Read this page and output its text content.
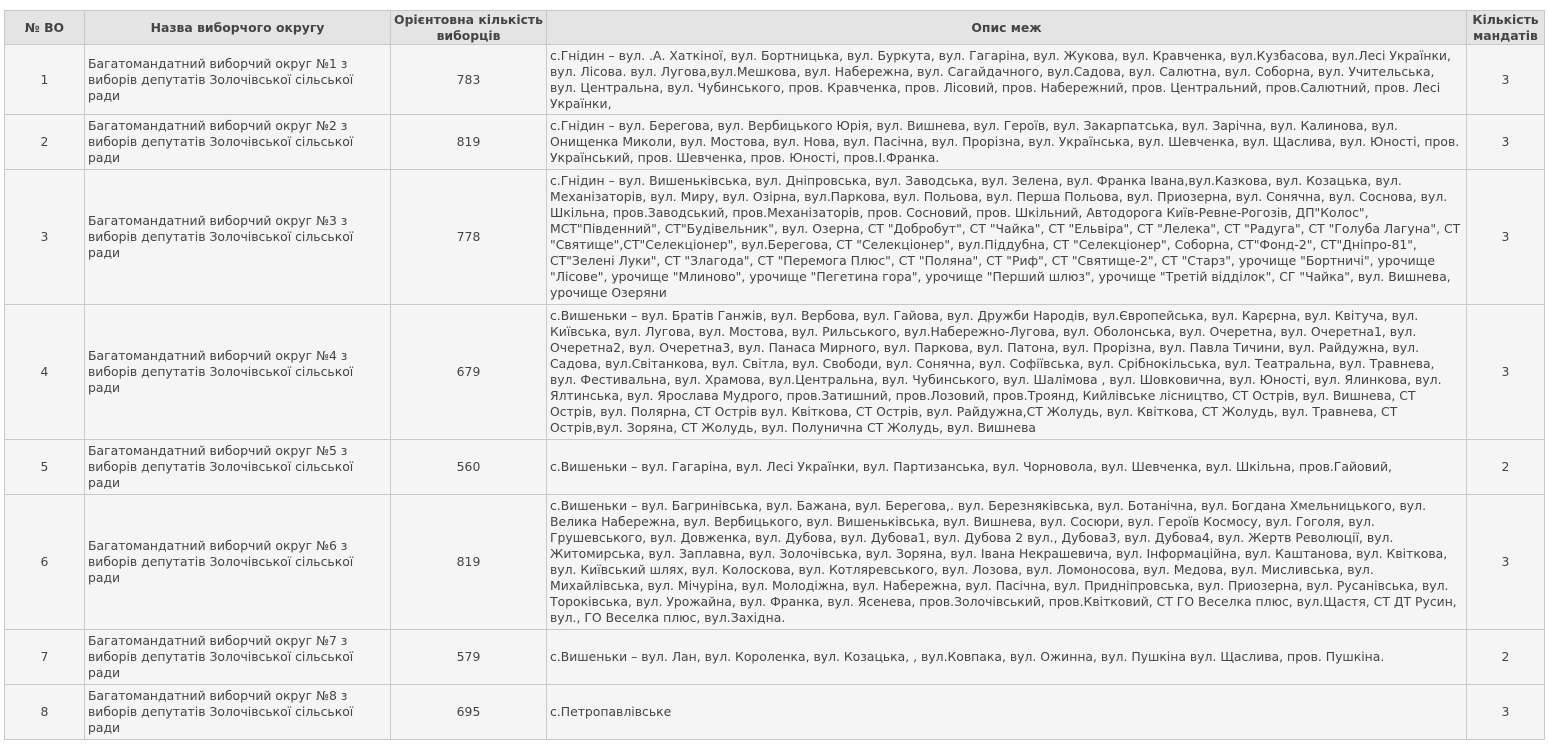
№ ВО	Назва виборчого округу	Орієнтовна кількість виборців	Опис меж	Кількість мандатів
1	Багатомандатний виборчий округ №1 з виборів депутатів Золочівської сільської ради	783	с.Гнідин – вул. .А. Хаткіної, вул. Бортницька, вул. Буркута, вул. Гагаріна, вул. Жукова, вул. Кравченка, вул.Кузбасова, вул.Лесі Українки, вул. Лісова. вул. Лугова,вул.Мешкова, вул. Набережна, вул. Сагайдачного, вул.Садова, вул. Салютна, вул. Соборна, вул. Учительська, вул. Центральна, вул. Чубинського, пров. Кравченка, пров. Лісовий, пров. Набережний, пров. Центральний, пров.Салютний, пров. Лесі Українки,	3
2	Багатомандатний виборчий округ №2 з виборів депутатів Золочівської сільської ради	819	с.Гнідин – вул. Берегова, вул. Вербицького Юрія, вул. Вишнева, вул. Героїв, вул. Закарпатська, вул. Зарічна, вул. Калинова, вул. Онищенка Миколи, вул. Мостова, вул. Нова, вул. Пасічна, вул. Прорізна, вул. Українська, вул. Шевченка, вул. Щаслива, вул. Юності, пров. Український, пров. Шевченка, пров. Юності, пров.І.Франка.	3
3	Багатомандатний виборчий округ №3 з виборів депутатів Золочівської сільської ради	778	с.Гнідин – вул. Вишеньківська, вул. Дніпровська, вул. Заводська, вул. Зелена, вул. Франка Івана,вул.Казкова, вул. Козацька, вул. Механізаторів, вул. Миру, вул. Озірна, вул.Паркова, вул. Польова, вул. Перша Польова, вул. Приозерна, вул. Сонячна, вул. Соснова, вул. Шкільна, пров.Заводський, пров.Механізаторів, пров. Сосновий, пров. Шкільний, Автодорога Київ-Ревне-Рогозів, ДП"Колос", МСТ"Південний", СТ"Будівельник", вул. Озерна, СТ "Добробут", СТ "Чайка", СТ "Ельвіра", СТ "Лелека", СТ "Радуга", СТ "Голуба Лагуна", СТ "Святище",СТ"Селекціонер", вул.Берегова, СТ "Селекціонер", вул.Піддубна, СТ "Селекціонер", Соборна, СТ"Фонд-2", СТ"Дніпро-81", СТ"Зелені Луки", СТ "Злагода", СТ "Перемога Плюс", СТ "Поляна", СТ "Риф", СТ "Святище-2", СТ "Старз", урочище "Бортничі", урочище "Лісове", урочище "Млиново", урочище "Пегетина гора", урочище "Перший шлюз", урочище "Третій відділок", СГ "Чайка", вул. Вишнева, урочище Озеряни	3
4	Багатомандатний виборчий округ №4 з виборів депутатів Золочівської сільської ради	679	с.Вишеньки – вул. Братів Ганжів, вул. Вербова, вул. Гайова, вул. Дружби Народів, вул.Європейська, вул. Карєрна, вул. Квітуча, вул. Київська, вул. Лугова, вул. Мостова, вул. Рильського, вул.Набережно-Лугова, вул. Оболонська, вул. Очеретна, вул. Очеретна1, вул. Очеретна2, вул. Очеретна3, вул. Панаса Мирного, вул. Паркова, вул. Патона, вул. Прорізна, вул. Павла Тичини, вул. Райдужна, вул. Садова, вул.Світанкова, вул. Світла, вул. Свободи, вул. Сонячна, вул. Софіївська, вул. Срібнокільська, вул. Театральна, вул. Травнева, вул. Фестивальна, вул. Храмова, вул.Центральна, вул. Чубинського, вул. Шалімова , вул. Шовковична, вул. Юності, вул. Ялинкова, вул. Ялтинська, вул. Ярослава Мудрого, пров.Затишний, пров.Лозовий, пров.Троянд, Кийлівське лісництво, СТ Острів, вул. Вишнева, СТ Острів, вул. Полярна, СТ Острів вул. Квіткова, СТ Острів, вул. Райдужна,СТ Жолудь, вул. Квіткова, СТ Жолудь, вул. Травнева, СТ Острів,вул. Зоряна, СТ Жолудь, вул. Полунична СТ Жолудь, вул. Вишнева	3
5	Багатомандатний виборчий округ №5 з виборів депутатів Золочівської сільської ради	560	с.Вишеньки – вул. Гагаріна, вул. Лесі Українки, вул. Партизанська, вул. Чорновола, вул. Шевченка, вул. Шкільна, пров.Гайовий,	2
6	Багатомандатний виборчий округ №6 з виборів депутатів Золочівської сільської ради	819	с.Вишеньки – вул. Багринівська, вул. Бажана, вул. Берегова,. вул. Березняківська, вул. Ботанічна, вул. Богдана Хмельницького, вул. Велика Набережна, вул. Вербицького, вул. Вишеньківська, вул. Вишнева, вул. Сосюри, вул. Героїв Космосу, вул. Гоголя, вул. Грушевського, вул. Довженка, вул. Дубова, вул. Дубова1, вул. Дубова 2 вул., Дубова3, вул. Дубова4, вул. Жертв Революції, вул. Житомирська, вул. Заплавна, вул. Золочівська, вул. Зоряна, вул. Івана Некрашевича, вул. Інформаційна, вул. Каштанова, вул. Квіткова, вул. Київський шлях, вул. Колоскова, вул. Котляревського, вул. Лозова, вул. Ломоносова, вул. Медова, вул. Мисливська, вул. Михайлівська, вул. Мічуріна, вул. Молодіжна, вул. Набережна, вул. Пасічна, вул. Придніпровська, вул. Приозерна, вул. Русанівська, вул. Тороківська, вул. Урожайна, вул. Франка, вул. Ясенева, пров.Золочівський, пров.Квітковий, СТ ГО Веселка плюс, вул.Щастя, СТ ДТ Русин, вул., ГО Веселка плюс, вул.Західна.	3
7	Багатомандатний виборчий округ №7 з виборів депутатів Золочівської сільської ради	579	с.Вишеньки – вул. Лан, вул. Короленка, вул. Козацька, , вул.Ковпака, вул. Ожинна, вул. Пушкіна вул. Щаслива, пров. Пушкіна.	2
8	Багатомандатний виборчий округ №8 з виборів депутатів Золочівської сільської ради	695	с.Петропавлівське	3
